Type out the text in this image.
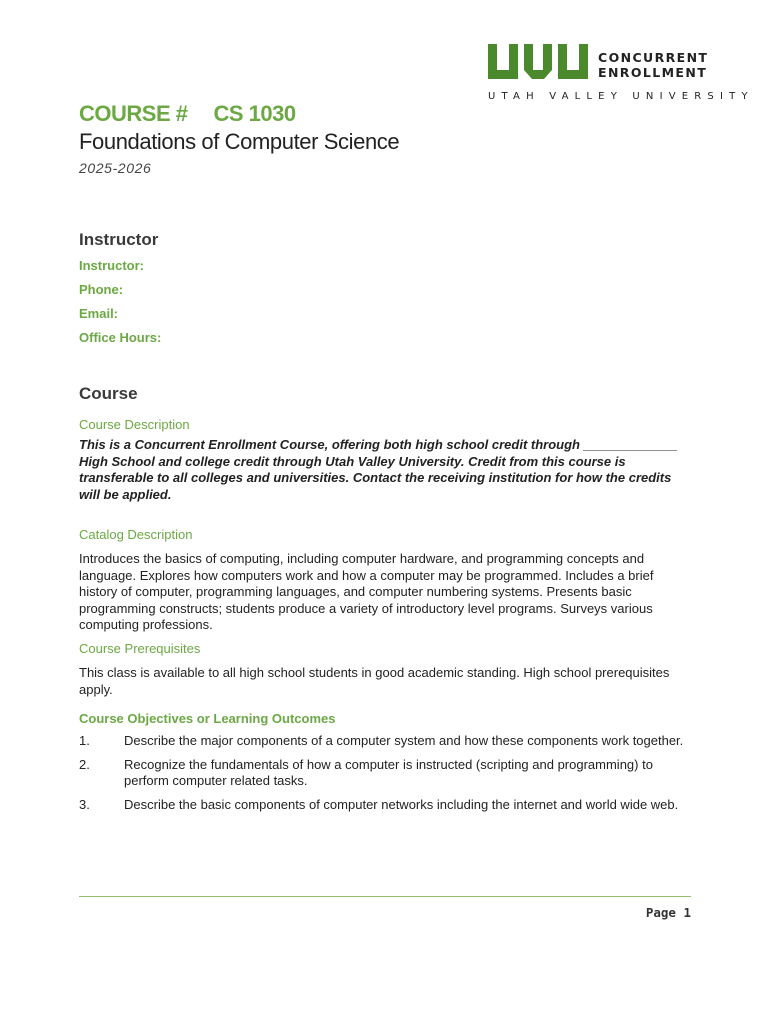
CONCURRENT
ENROLLMENT
UTAH VALLEY UNIVERSITY
COURSE # CS 1030
Foundations of Computer Science
2025-2026
Instructor
Instructor:
Phone:
Email:
Office Hours:
Course
Course Description
This is a Concurrent Enrollment Course, offering both high school credit through _____________ High School and college credit through Utah Valley University. Credit from this course is transferable to all colleges and universities. Contact the receiving institution for how the credits will be applied.
Catalog Description
Introduces the basics of computing, including computer hardware, and programming concepts and language. Explores how computers work and how a computer may be programmed. Includes a brief history of computer, programming languages, and computer numbering systems. Presents basic programming constructs; students produce a variety of introductory level programs. Surveys various computing professions.
Course Prerequisites
This class is available to all high school students in good academic standing. High school prerequisites apply.
Course Objectives or Learning Outcomes
1.	Describe the major components of a computer system and how these components work together.
2.	Recognize the fundamentals of how a computer is instructed (scripting and programming) to perform computer related tasks.
3.	Describe the basic components of computer networks including the internet and world wide web.
Page 1
